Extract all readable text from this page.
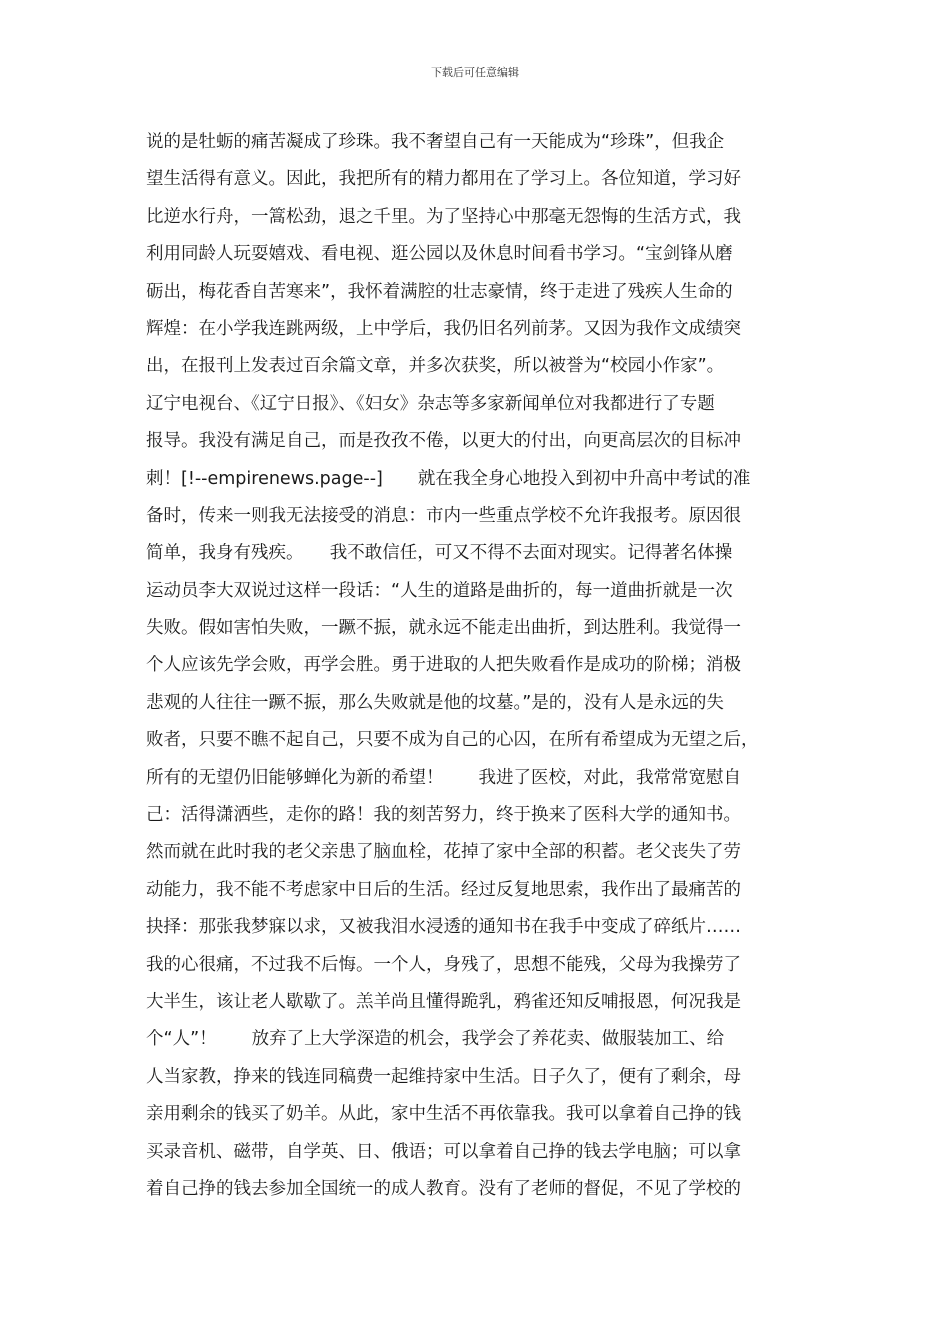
下载后可任意编辑
说的是牡蛎的痛苦凝成了珍珠。我不奢望自己有一天能成为“珍珠”，但我企
望生活得有意义。因此，我把所有的精力都用在了学习上。各位知道，学习好
比逆水行舟，一篙松劲，退之千里。为了坚持心中那毫无怨悔的生活方式，我
利用同龄人玩耍嬉戏、看电视、逛公园以及休息时间看书学习。“宝剑锋从磨
砺出，梅花香自苦寒来”，我怀着满腔的壮志豪情，终于走进了残疾人生命的
辉煌：在小学我连跳两级，上中学后，我仍旧名列前茅。又因为我作文成绩突
出，在报刊上发表过百余篇文章，并多次获奖，所以被誉为“校园小作家”。
辽宁电视台、《辽宁日报》、《妇女》杂志等多家新闻单位对我都进行了专题
报导。我没有满足自己，而是孜孜不倦，以更大的付出，向更高层次的目标冲
刺！[!--empirenews.page--]　　就在我全身心地投入到初中升高中考试的准
备时，传来一则我无法接受的消息：市内一些重点学校不允许我报考。原因很
简单，我身有残疾。　　我不敢信任，可又不得不去面对现实。记得著名体操
运动员李大双说过这样一段话：“人生的道路是曲折的，每一道曲折就是一次
失败。假如害怕失败，一蹶不振，就永远不能走出曲折，到达胜利。我觉得一
个人应该先学会败，再学会胜。勇于进取的人把失败看作是成功的阶梯；消极
悲观的人往往一蹶不振，那么失败就是他的坟墓。”是的，没有人是永远的失
败者，只要不瞧不起自己，只要不成为自己的心囚，在所有希望成为无望之后，
所有的无望仍旧能够蝉化为新的希望！　　我进了医校，对此，我常常宽慰自
己：活得潇洒些，走你的路！我的刻苦努力，终于换来了医科大学的通知书。
然而就在此时我的老父亲患了脑血栓，花掉了家中全部的积蓄。老父丧失了劳
动能力，我不能不考虑家中日后的生活。经过反复地思索，我作出了最痛苦的
抉择：那张我梦寐以求，又被我泪水浸透的通知书在我手中变成了碎纸片……
我的心很痛，不过我不后悔。一个人，身残了，思想不能残，父母为我操劳了
大半生，该让老人歇歇了。羔羊尚且懂得跪乳，鸦雀还知反哺报恩，何况我是
个“人”！　　放弃了上大学深造的机会，我学会了养花卖、做服装加工、给
人当家教，挣来的钱连同稿费一起维持家中生活。日子久了，便有了剩余，母
亲用剩余的钱买了奶羊。从此，家中生活不再依靠我。我可以拿着自己挣的钱
买录音机、磁带，自学英、日、俄语；可以拿着自己挣的钱去学电脑；可以拿
着自己挣的钱去参加全国统一的成人教育。没有了老师的督促，不见了学校的
